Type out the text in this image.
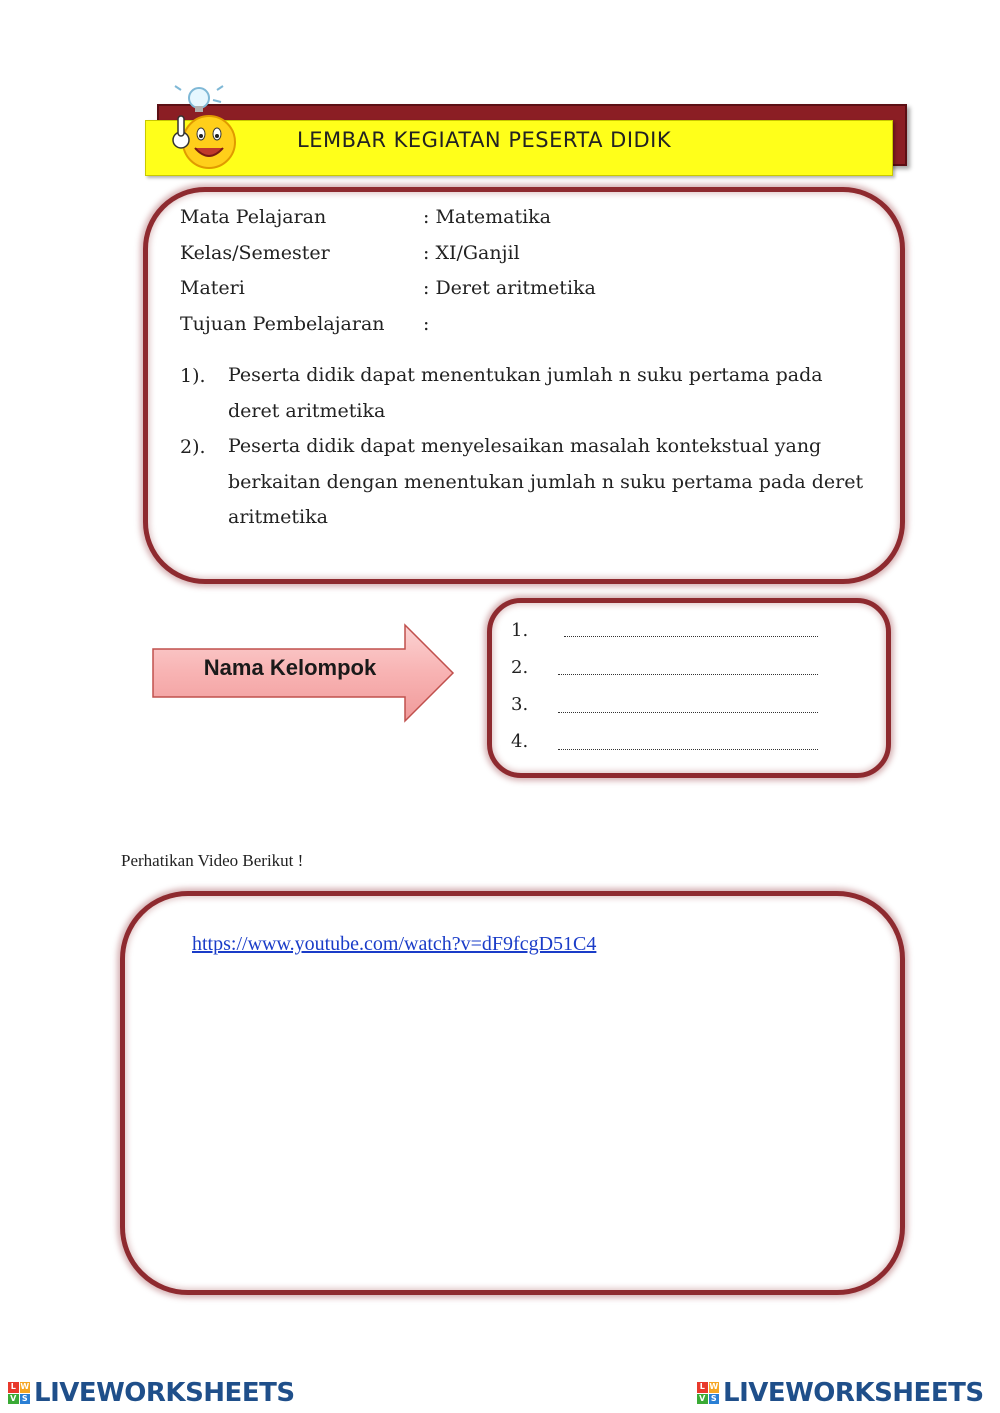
LEMBAR KEGIATAN PESERTA DIDIK
Mata Pelajaran	: Matematika
Kelas/Semester	: XI/Ganjil
Materi	: Deret aritmetika
Tujuan Pembelajaran :
1). Peserta didik dapat menentukan jumlah n suku pertama pada deret aritmetika
2). Peserta didik dapat menyelesaikan masalah kontekstual yang berkaitan dengan menentukan jumlah n suku pertama pada deret aritmetika
Nama Kelompok
1.
2.
3.
4.
Perhatikan Video Berikut !
https://www.youtube.com/watch?v=dF9fcgD51C4
L W
V S LIVEWORKSHEETS	L W
V S LIVEWORKSHEETS
